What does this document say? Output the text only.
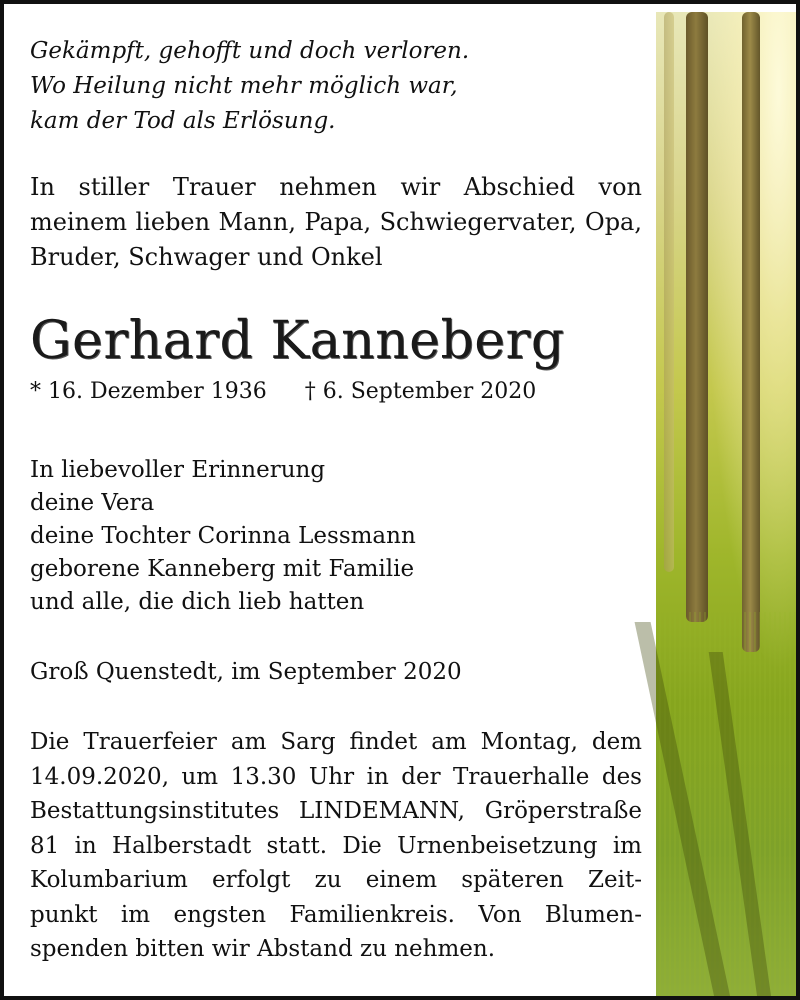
Gekämpft, gehofft und doch verloren.
Wo Heilung nicht mehr möglich war,
kam der Tod als Erlösung.
In stiller Trauer nehmen wir Abschied von meinem lieben Mann, Papa, Schwiegervater, Opa, Bruder, Schwager und Onkel
Gerhard Kanneberg
* 16. Dezember 1936 † 6. September 2020
In liebevoller Erinnerung
deine Vera
deine Tochter Corinna Lessmann
geborene Kanneberg mit Familie
und alle, die dich lieb hatten
Groß Quenstedt, im September 2020
Die Trauerfeier am Sarg findet am Montag, dem
14.09.2020, um 13.30 Uhr in der Trauerhalle des
Bestattungsinstitutes LINDEMANN, Gröperstraße
81 in Halberstadt statt. Die Urnenbeisetzung im
Kolumbarium erfolgt zu einem späteren Zeit-
punkt im engsten Familienkreis. Von Blumen-
spenden bitten wir Abstand zu nehmen.
